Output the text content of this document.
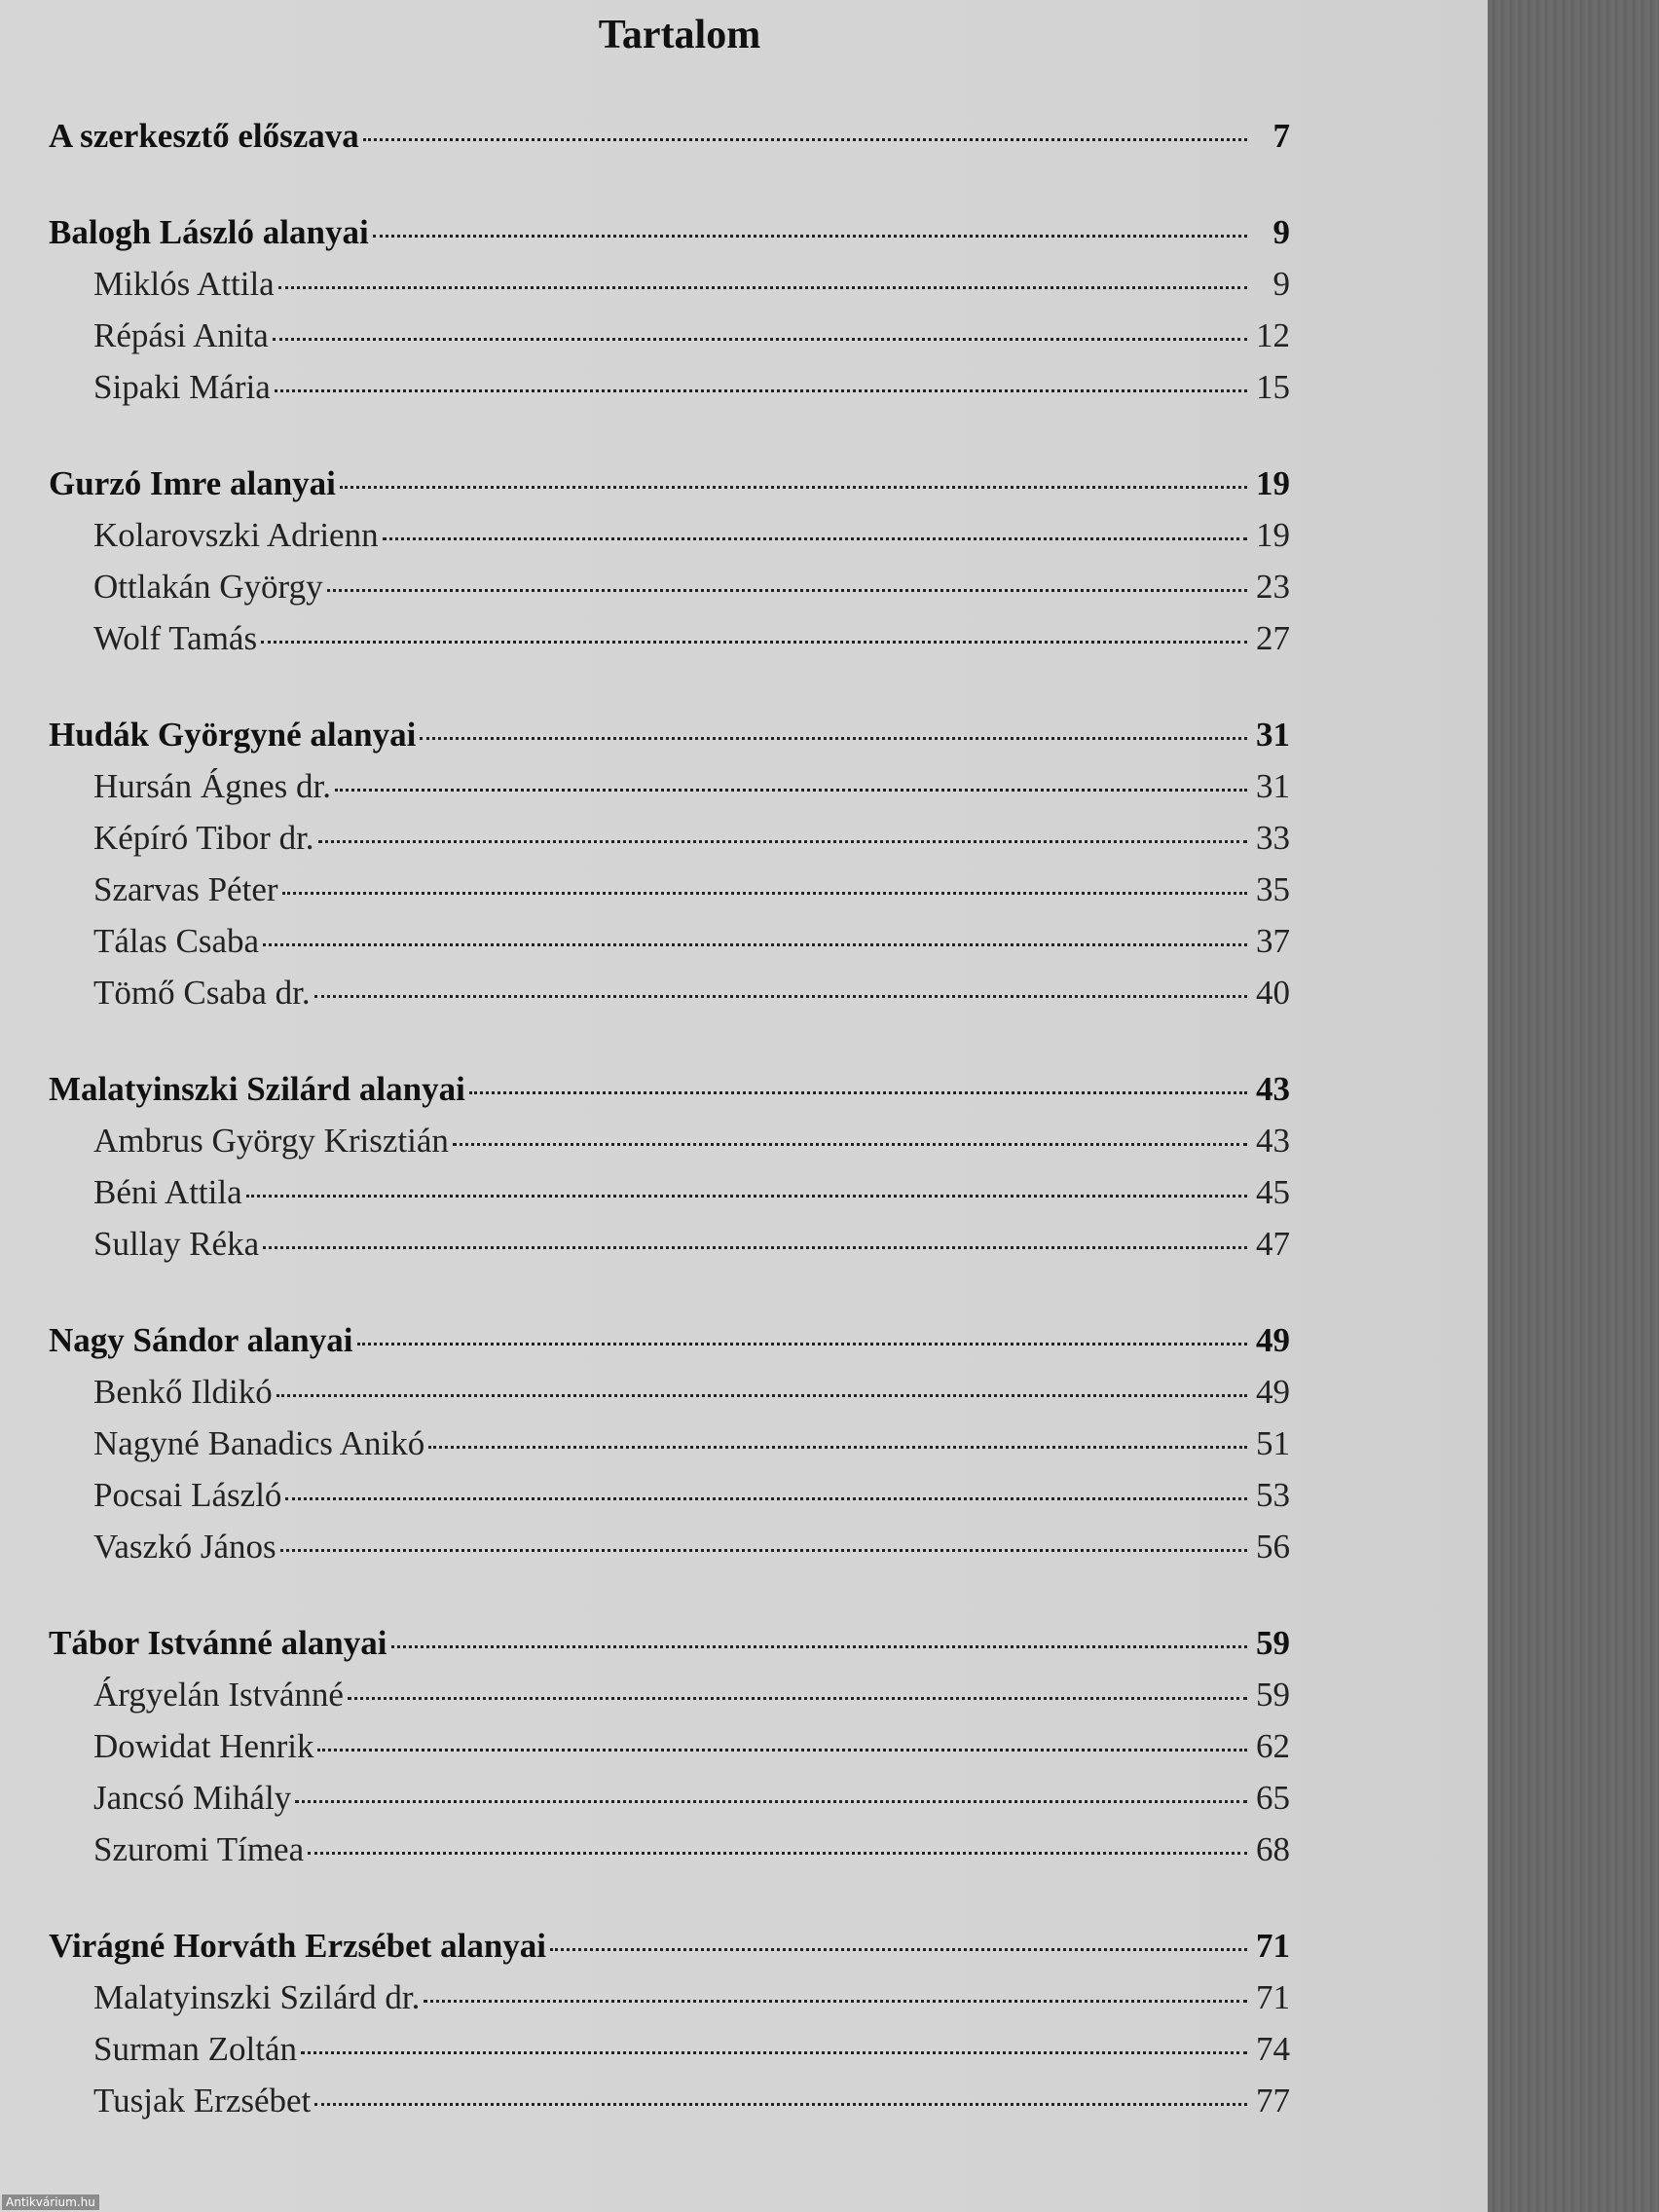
Tartalom
A szerkesztő előszava	7
Balogh László alanyai	9
Miklós Attila	9
Répási Anita	12
Sipaki Mária	15
Gurzó Imre alanyai	19
Kolarovszki Adrienn	19
Ottlakán György	23
Wolf Tamás	27
Hudák Györgyné alanyai	31
Hursán Ágnes dr.	31
Képíró Tibor dr.	33
Szarvas Péter	35
Tálas Csaba	37
Tömő Csaba dr.	40
Malatyinszki Szilárd alanyai	43
Ambrus György Krisztián	43
Béni Attila	45
Sullay Réka	47
Nagy Sándor alanyai	49
Benkő Ildikó	49
Nagyné Banadics Anikó	51
Pocsai László	53
Vaszkó János	56
Tábor Istvánné alanyai	59
Árgyelán Istvánné	59
Dowidat Henrik	62
Jancsó Mihály	65
Szuromi Tímea	68
Virágné Horváth Erzsébet alanyai	71
Malatyinszki Szilárd dr.	71
Surman Zoltán	74
Tusjak Erzsébet	77
Antikvárium.hu
